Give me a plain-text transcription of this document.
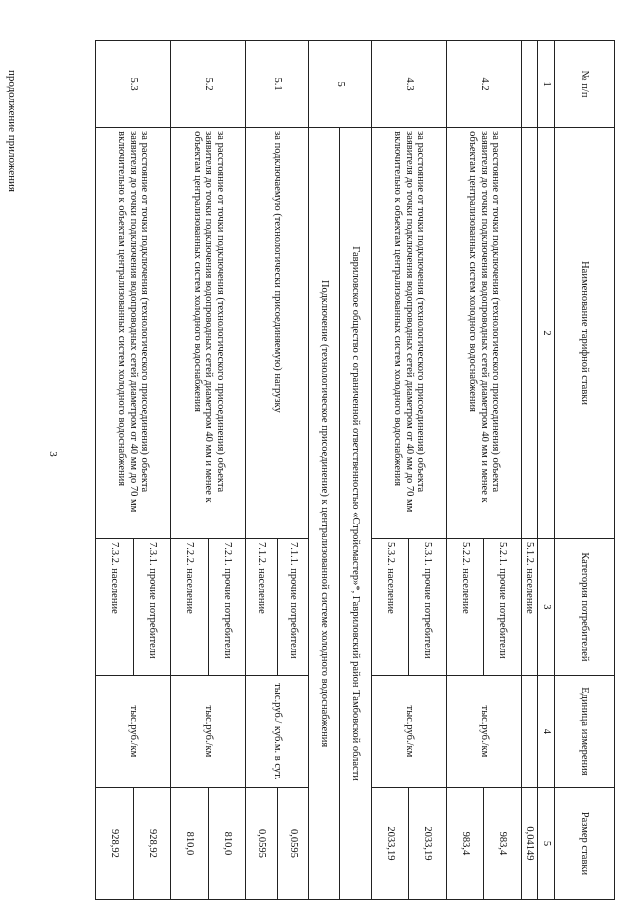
3
продолжение приложения	№ п/п	Наименование тарифной ставки	Категория потребителей	Единица измерения	Размер ставки
1	2	3	4	5
		5.1.2. население		0,04149
4.2	за расстояние от точки подключения (технологического присоединения) объекта заявителя до точки подключения водопроводных сетей диаметром 40 мм и менее к объектам централизованных систем холодного водоснабжения	5.2.1. прочие потребители	тыс.руб./км	983,4
		5.2.2. население		983,4
4.3	за расстояние от точки подключения (технологического присоединения) объекта заявителя до точки подключения водопроводных сетей диаметром от 40 мм до 70 мм включительно к объектам централизованных систем холодного водоснабжения	5.3.1. прочие потребители	тыс.руб./км	2033,19
		5.3.2. население		2033,19
5	Гавриловское общество с ограниченной ответственностью «Стройсмастер»*, Гавриловский район Тамбовской области			
	Подключение (технологическое присоединение) к централизованной системе холодного водоснабжения			
5.1	за подключаемую (технологически присоединяемую) нагрузку	7.1.1. прочие потребители	тыс.руб./ куб.м. в сут.	0,0595
		7.1.2. население		0,0595
5.2	за расстояние от точки подключения (технологического присоединения) объекта заявителя до точки подключения водопроводных сетей диаметром 40 мм и менее к объектам централизованных систем холодного водоснабжения	7.2.1. прочие потребители	тыс.руб./км	810,0
		7.2.2. население		810,0
5.3	за расстояние от точки подключения (технологического присоединения) объекта заявителя до точки подключения водопроводных сетей диаметром от 40 мм до 70 мм включительно к объектам централизованных систем холодного водоснабжения	7.3.1. прочие потребители	тыс.руб./км	928,92
		7.3.2. население		928,92
